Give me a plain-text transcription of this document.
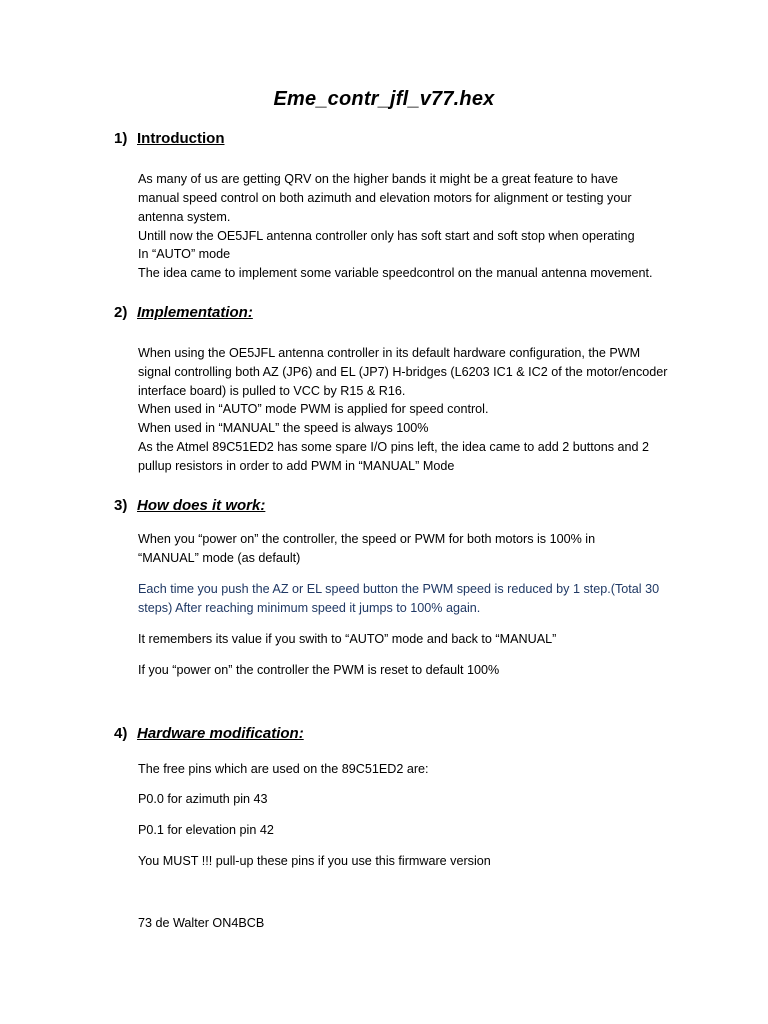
Eme_contr_jfl_v77.hex
1) Introduction
As many of us are getting QRV on the higher bands it might be a great feature to have
manual speed control on both azimuth and elevation motors for alignment or testing your
antenna system.
Untill now the OE5JFL antenna controller only has soft start and soft stop when operating
In “AUTO” mode
The idea came to implement some variable speedcontrol on the manual antenna movement.
2) Implementation:
When using the OE5JFL antenna controller in its default hardware configuration, the PWM
signal controlling both AZ (JP6) and EL (JP7) H-bridges (L6203 IC1 & IC2 of the motor/encoder
interface board) is pulled to VCC by R15 & R16.
When used in “AUTO” mode PWM is applied for speed control.
When used in “MANUAL” the speed is always 100%
As the Atmel 89C51ED2 has some spare I/O pins left, the idea came to add 2 buttons and 2
pullup resistors in order to add PWM in “MANUAL” Mode
3) How does it work:
When you “power on” the controller, the speed or PWM for both motors is 100% in
“MANUAL” mode (as default)
Each time you push the AZ or EL speed button the PWM speed is reduced by 1 step.(Total 30
steps) After reaching minimum speed it jumps to 100% again.
It remembers its value if you swith to “AUTO” mode and back to “MANUAL”
If you “power on” the controller the PWM is reset to default 100%
4) Hardware modification:
The free pins which are used on the 89C51ED2 are:
P0.0 for azimuth pin 43
P0.1 for elevation pin 42
You MUST !!! pull-up these pins if you use this firmware version
73 de Walter ON4BCB
